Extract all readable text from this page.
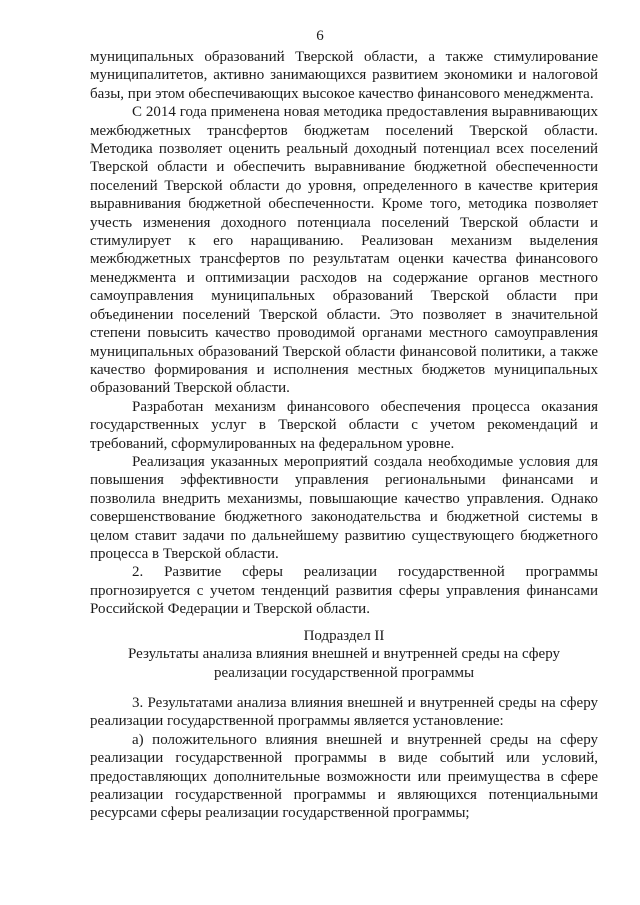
6

муниципальных образований Тверской области, а также стимулирование муниципалитетов, активно занимающихся развитием экономики и налоговой базы, при этом обеспечивающих высокое качество финансового менеджмента.

С 2014 года применена новая методика предоставления выравнивающих межбюджетных трансфертов бюджетам поселений Тверской области. Методика позволяет оценить реальный доходный потенциал всех поселений Тверской области и обеспечить выравнивание бюджетной обеспеченности поселений Тверской области до уровня, определенного в качестве критерия выравнивания бюджетной обеспеченности. Кроме того, методика позволяет учесть изменения доходного потенциала поселений Тверской области и стимулирует к его наращиванию. Реализован механизм выделения межбюджетных трансфертов по результатам оценки качества финансового менеджмента и оптимизации расходов на содержание органов местного самоуправления муниципальных образований Тверской области при объединении поселений Тверской области. Это позволяет в значительной степени повысить качество проводимой органами местного самоуправления муниципальных образований Тверской области финансовой политики, а также качество формирования и исполнения местных бюджетов муниципальных образований Тверской области.

Разработан механизм финансового обеспечения процесса оказания государственных услуг в Тверской области с учетом рекомендаций и требований, сформулированных на федеральном уровне.

Реализация указанных мероприятий создала необходимые условия для повышения эффективности управления региональными финансами и позволила внедрить механизмы, повышающие качество управления. Однако совершенствование бюджетного законодательства и бюджетной системы в целом ставит задачи по дальнейшему развитию существующего бюджетного процесса в Тверской области.

2. Развитие сферы реализации государственной программы прогнозируется с учетом тенденций развития сферы управления финансами Российской Федерации и Тверской области.

Подраздел II
Результаты анализа влияния внешней и внутренней среды на сферу
реализации государственной программы

3. Результатами анализа влияния внешней и внутренней среды на сферу реализации государственной программы является установление:

а) положительного влияния внешней и внутренней среды на сферу реализации государственной программы в виде событий или условий, предоставляющих дополнительные возможности или преимущества в сфере реализации государственной программы и являющихся потенциальными ресурсами сферы реализации государственной программы;
